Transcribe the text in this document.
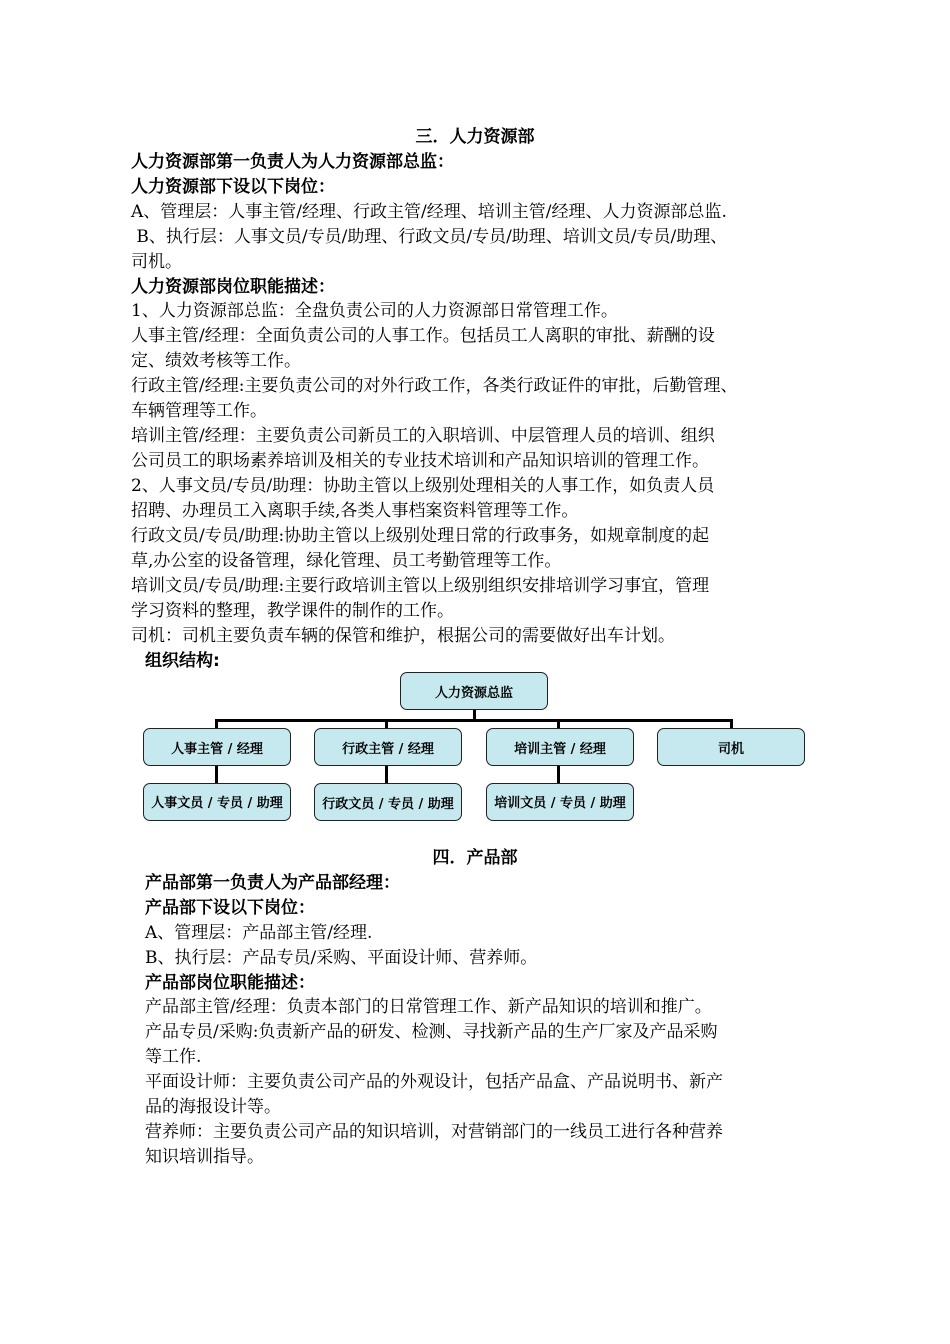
三．人力资源部
人力资源部第一负责人为人力资源部总监：
人力资源部下设以下岗位：
A、管理层：人事主管/经理、行政主管/经理、培训主管/经理、人力资源部总监.
B、执行层：人事文员/专员/助理、行政文员/专员/助理、培训文员/专员/助理、
司机。
人力资源部岗位职能描述：
1、人力资源部总监：全盘负责公司的人力资源部日常管理工作。
人事主管/经理：全面负责公司的人事工作。包括员工人离职的审批、薪酬的设
定、绩效考核等工作。
行政主管/经理:主要负责公司的对外行政工作，各类行政证件的审批，后勤管理、
车辆管理等工作。
培训主管/经理：主要负责公司新员工的入职培训、中层管理人员的培训、组织
公司员工的职场素养培训及相关的专业技术培训和产品知识培训的管理工作。
2、人事文员/专员/助理：协助主管以上级别处理相关的人事工作，如负责人员
招聘、办理员工入离职手续,各类人事档案资料管理等工作。
行政文员/专员/助理:协助主管以上级别处理日常的行政事务，如规章制度的起
草,办公室的设备管理，绿化管理、员工考勤管理等工作。
培训文员/专员/助理:主要行政培训主管以上级别组织安排培训学习事宜，管理
学习资料的整理，教学课件的制作的工作。
司机：司机主要负责车辆的保管和维护，根据公司的需要做好出车计划。
组织结构:
人力资源总监
人事主管 / 经理	行政主管 / 经理	培训主管 / 经理	司机
人事文员 / 专员 / 助理	行政文员 / 专员 / 助理	培训文员 / 专员 / 助理
四．产品部
产品部第一负责人为产品部经理：
产品部下设以下岗位：
A、管理层：产品部主管/经理.
B、执行层：产品专员/采购、平面设计师、营养师。
产品部岗位职能描述：
产品部主管/经理：负责本部门的日常管理工作、新产品知识的培训和推广。
产品专员/采购:负责新产品的研发、检测、寻找新产品的生产厂家及产品采购
等工作.
平面设计师：主要负责公司产品的外观设计，包括产品盒、产品说明书、新产
品的海报设计等。
营养师：主要负责公司产品的知识培训，对营销部门的一线员工进行各种营养
知识培训指导。
